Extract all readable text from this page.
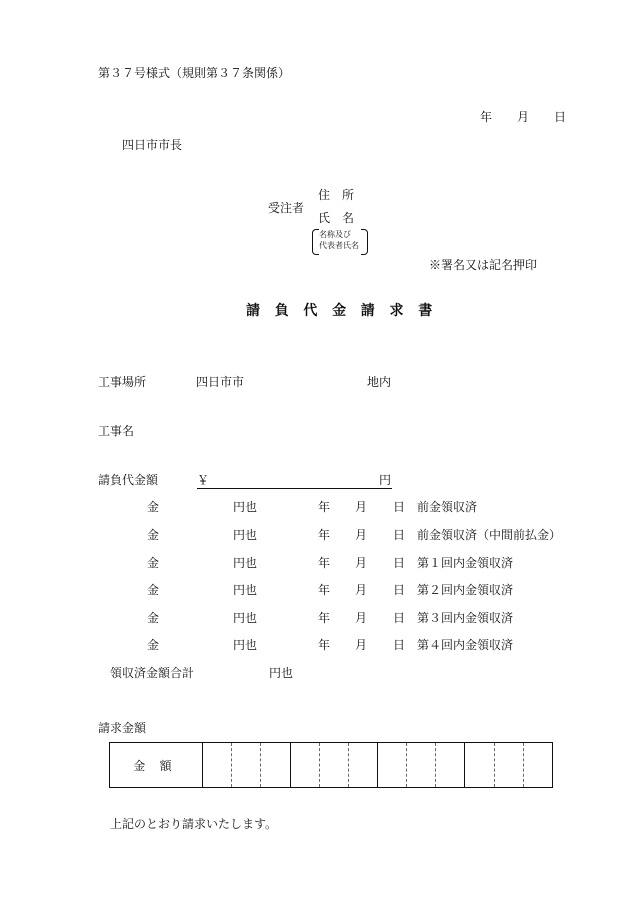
第３７号様式（規則第３７条関係）
年 月 日
四日市市長
受注者
住　所
氏　名
名称及び
代表者氏名
※署名又は記名押印
請負代金請求書
工事場所	四日市市	地内
工事名
請負代金額	￥	円
金	円也	年 月 日 前金領収済
金	円也	年 月 日 前金領収済（中間前払金）
金	円也	年 月 日 第１回内金領収済
金	円也	年 月 日 第２回内金領収済
金	円也	年 月 日 第３回内金領収済
金	円也	年 月 日 第４回内金領収済
領収済金額合計	円也
請求金額
金額												
上記のとおり請求いたします。
